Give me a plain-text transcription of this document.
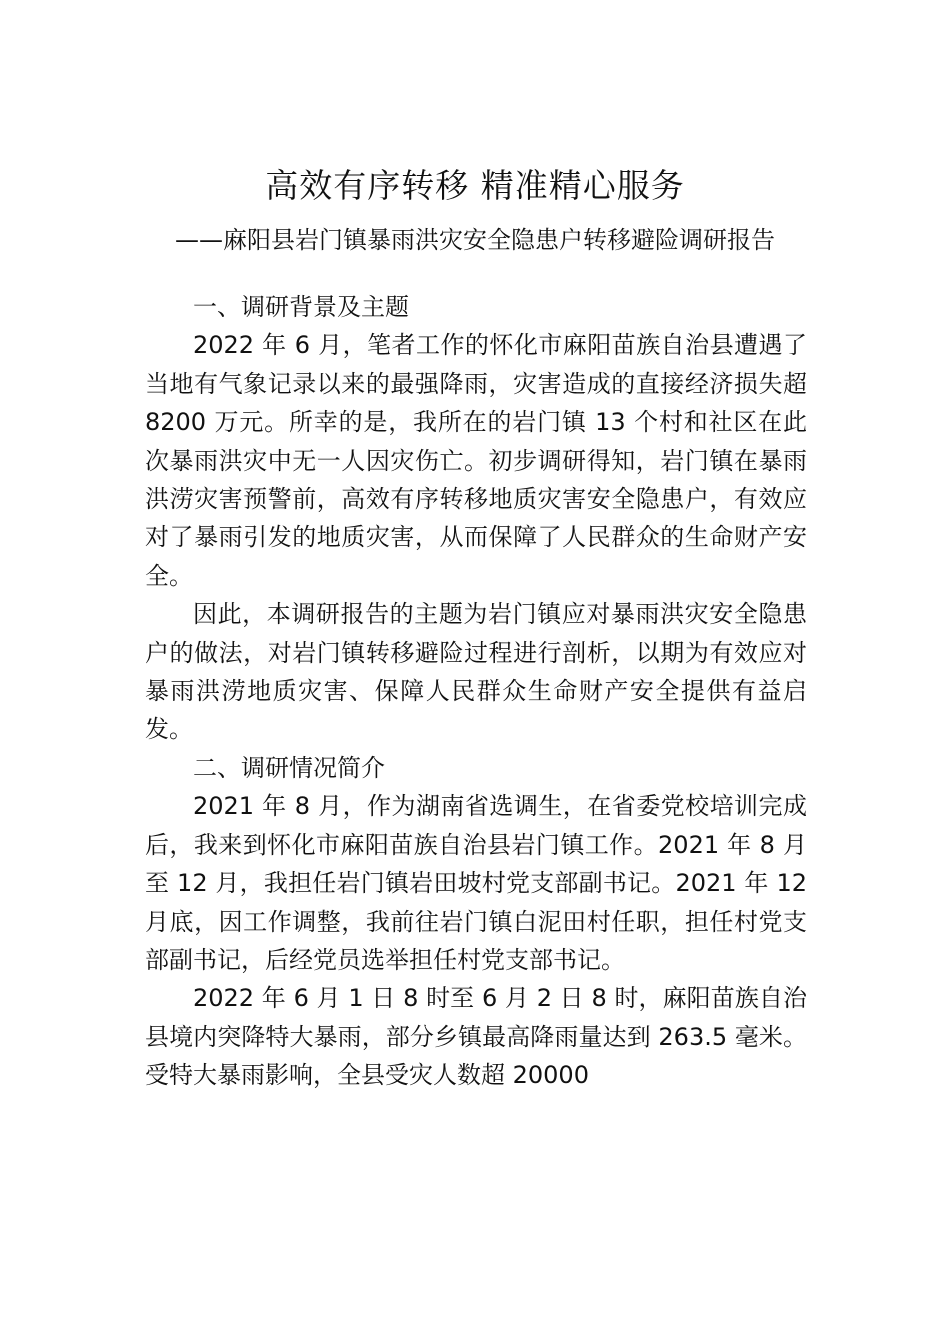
高效有序转移 精准精心服务
——麻阳县岩门镇暴雨洪灾安全隐患户转移避险调研报告

一、调研背景及主题

2022 年 6 月，笔者工作的怀化市麻阳苗族自治县遭遇了当地有气象记录以来的最强降雨，灾害造成的直接经济损失超 8200 万元。所幸的是，我所在的岩门镇 13 个村和社区在此次暴雨洪灾中无一人因灾伤亡。初步调研得知，岩门镇在暴雨洪涝灾害预警前，高效有序转移地质灾害安全隐患户，有效应对了暴雨引发的地质灾害，从而保障了人民群众的生命财产安全。

因此，本调研报告的主题为岩门镇应对暴雨洪灾安全隐患户的做法，对岩门镇转移避险过程进行剖析，以期为有效应对暴雨洪涝地质灾害、保障人民群众生命财产安全提供有益启发。

二、调研情况简介

2021 年 8 月，作为湖南省选调生，在省委党校培训完成后，我来到怀化市麻阳苗族自治县岩门镇工作。2021 年 8 月至 12 月，我担任岩门镇岩田坡村党支部副书记。2021 年 12 月底，因工作调整，我前往岩门镇白泥田村任职，担任村党支部副书记，后经党员选举担任村党支部书记。

2022 年 6 月 1 日 8 时至 6 月 2 日 8 时，麻阳苗族自治县境内突降特大暴雨，部分乡镇最高降雨量达到 263.5 毫米。受特大暴雨影响，全县受灾人数超 20000
